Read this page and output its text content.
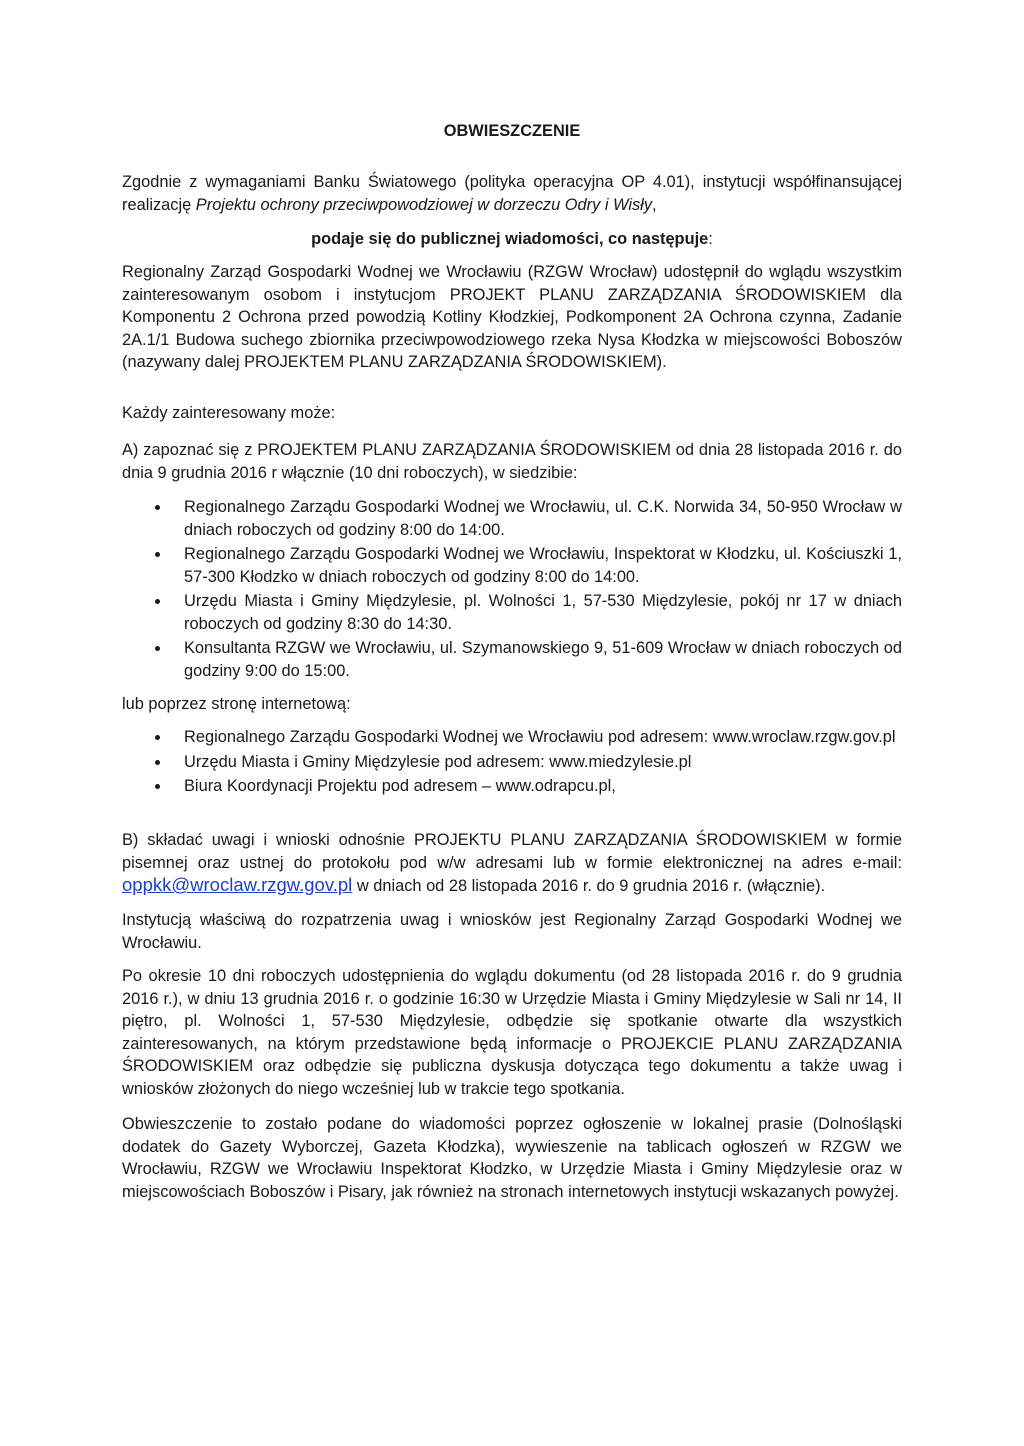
OBWIESZCZENIE

Zgodnie z wymaganiami Banku Światowego (polityka operacyjna OP 4.01), instytucji współfinansującej realizację Projektu ochrony przeciwpowodziowej w dorzeczu Odry i Wisły,

podaje się do publicznej wiadomości, co następuje:

Regionalny Zarząd Gospodarki Wodnej we Wrocławiu (RZGW Wrocław) udostępnił do wglądu wszystkim zainteresowanym osobom i instytucjom PROJEKT PLANU ZARZĄDZANIA ŚRODOWISKIEM dla Komponentu 2 Ochrona przed powodzią Kotliny Kłodzkiej, Podkomponent 2A Ochrona czynna, Zadanie 2A.1/1 Budowa suchego zbiornika przeciwpowodziowego rzeka Nysa Kłodzka w miejscowości Boboszów (nazywany dalej PROJEKTEM PLANU ZARZĄDZANIA ŚRODOWISKIEM).

Każdy zainteresowany może:

A) zapoznać się z PROJEKTEM PLANU ZARZĄDZANIA ŚRODOWISKIEM od dnia 28 listopada 2016 r. do dnia 9 grudnia 2016 r włącznie (10 dni roboczych), w siedzibie:

Regionalnego Zarządu Gospodarki Wodnej we Wrocławiu, ul. C.K. Norwida 34, 50-950 Wrocław w dniach roboczych od godziny 8:00 do 14:00.
Regionalnego Zarządu Gospodarki Wodnej we Wrocławiu, Inspektorat w Kłodzku, ul. Kościuszki 1, 57-300 Kłodzko w dniach roboczych od godziny 8:00 do 14:00.
Urzędu Miasta i Gminy Międzylesie, pl. Wolności 1, 57-530 Międzylesie, pokój nr 17 w dniach roboczych od godziny 8:30 do 14:30.
Konsultanta RZGW we Wrocławiu, ul. Szymanowskiego 9, 51-609 Wrocław w dniach roboczych od godziny 9:00 do 15:00.

lub poprzez stronę internetową:

Regionalnego Zarządu Gospodarki Wodnej we Wrocławiu pod adresem: www.wroclaw.rzgw.gov.pl
Urzędu Miasta i Gminy Międzylesie pod adresem: www.miedzylesie.pl
Biura Koordynacji Projektu pod adresem – www.odrapcu.pl,

B) składać uwagi i wnioski odnośnie PROJEKTU PLANU ZARZĄDZANIA ŚRODOWISKIEM w formie pisemnej oraz ustnej do protokołu pod w/w adresami lub w formie elektronicznej na adres e-mail: oppkk@wroclaw.rzgw.gov.pl w dniach od 28 listopada 2016 r. do 9 grudnia 2016 r. (włącznie).

Instytucją właściwą do rozpatrzenia uwag i wniosków jest Regionalny Zarząd Gospodarki Wodnej we Wrocławiu.

Po okresie 10 dni roboczych udostępnienia do wglądu dokumentu (od 28 listopada 2016 r. do 9 grudnia 2016 r.), w dniu 13 grudnia 2016 r. o godzinie 16:30 w Urzędzie Miasta i Gminy Międzylesie w Sali nr 14, II piętro, pl. Wolności 1, 57-530 Międzylesie, odbędzie się spotkanie otwarte dla wszystkich zainteresowanych, na którym przedstawione będą informacje o PROJEKCIE PLANU ZARZĄDZANIA ŚRODOWISKIEM oraz odbędzie się publiczna dyskusja dotycząca tego dokumentu a także uwag i wniosków złożonych do niego wcześniej lub w trakcie tego spotkania.

Obwieszczenie to zostało podane do wiadomości poprzez ogłoszenie w lokalnej prasie (Dolnośląski dodatek do Gazety Wyborczej, Gazeta Kłodzka), wywieszenie na tablicach ogłoszeń w RZGW we Wrocławiu, RZGW we Wrocławiu Inspektorat Kłodzko, w Urzędzie Miasta i Gminy Międzylesie oraz w miejscowościach Boboszów i Pisary, jak również na stronach internetowych instytucji wskazanych powyżej.
